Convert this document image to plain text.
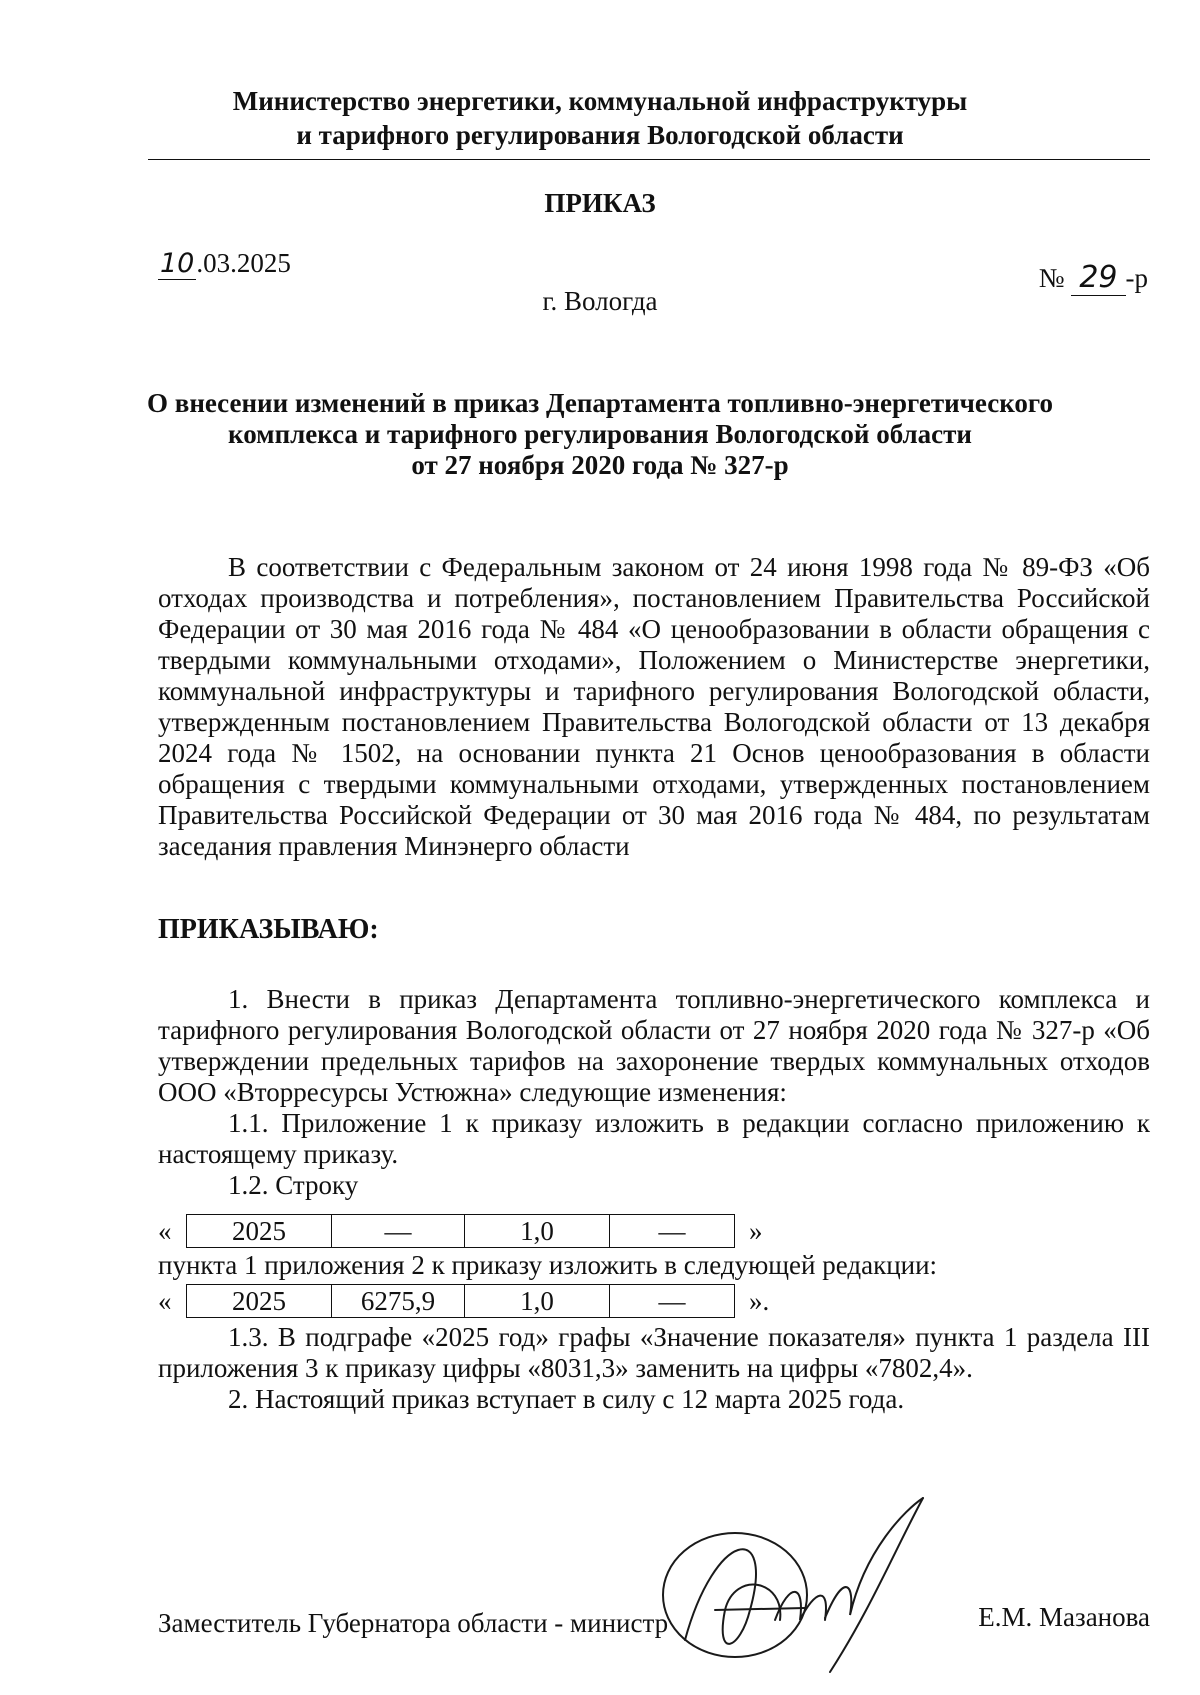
Министерство энергетики, коммунальной инфраструктуры
и тарифного регулирования Вологодской области
ПРИКАЗ
10.03.2025	№ 29 -р
г. Вологда
О внесении изменений в приказ Департамента топливно-энергетического
комплекса и тарифного регулирования Вологодской области
от 27 ноября 2020 года № 327-р

В соответствии с Федеральным законом от 24 июня 1998 года № 89-ФЗ «Об отходах производства и потребления», постановлением Правительства Российской Федерации от 30 мая 2016 года № 484 «О ценообразовании в области обращения с твердыми коммунальными отходами», Положением о Министерстве энергетики, коммунальной инфраструктуры и тарифного регулирования Вологодской области, утвержденным постановлением Правительства Вологодской области от 13 декабря 2024 года № 1502, на основании пункта 21 Основ ценообразования в области обращения с твердыми коммунальными отходами, утвержденных постановлением Правительства Российской Федерации от 30 мая 2016 года № 484, по результатам заседания правления Минэнерго области

ПРИКАЗЫВАЮ:

1. Внести в приказ Департамента топливно-энергетического комплекса и тарифного регулирования Вологодской области от 27 ноября 2020 года № 327-р «Об утверждении предельных тарифов на захоронение твердых коммунальных отходов ООО «Вторресурсы Устюжна» следующие изменения:

1.1. Приложение 1 к приказу изложить в редакции согласно приложению к настоящему приказу.

1.2. Строку

«	2025	—	1,0	— »

пункта 1 приложения 2 к приказу изложить в следующей редакции:

«	2025	6275,9	1,0	— ».

1.3. В подграфе «2025 год» графы «Значение показателя» пункта 1 раздела III приложения 3 к приказу цифры «8031,3» заменить на цифры «7802,4».

2. Настоящий приказ вступает в силу с 12 марта 2025 года.

Заместитель Губернатора области - министр	Е.М. Мазанова
